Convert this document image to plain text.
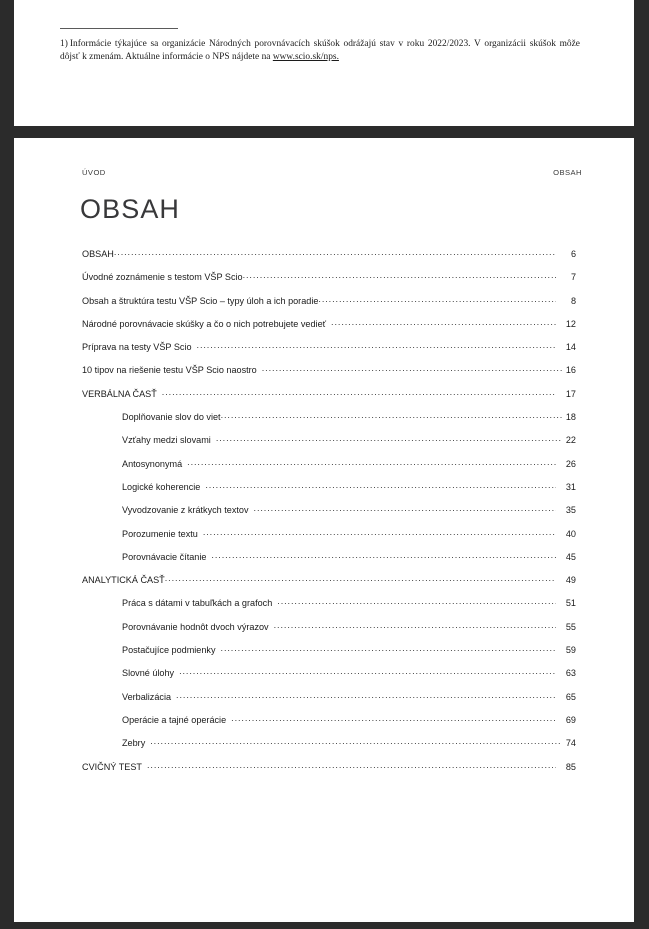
1) Informácie týkajúce sa organizácie Národných porovnávacích skúšok odrážajú stav v roku 2022/2023. V organizácii skúšok môže dôjsť k zmenám. Aktuálne informácie o NPS nájdete na www.scio.sk/nps.
ÚVOD	OBSAH
OBSAH
OBSAH .....	6
Úvodné zoznámenie s testom VŠP Scio .....	7
Obsah a štruktúra testu VŠP Scio – typy úloh a ich poradie .....	8
Národné porovnávacie skúšky a čo o nich potrebujete vedieť .....	12
Príprava na testy VŠP Scio .....	14
10 tipov na riešenie testu VŠP Scio naostro .....	16
VERBÁLNA ČASŤ .....	17
Doplňovanie slov do viet .....	18
Vzťahy medzi slovami .....	22
Antosynonymá .....	26
Logické koherencie .....	31
Vyvodzovanie z krátkych textov .....	35
Porozumenie textu .....	40
Porovnávacie čítanie .....	45
ANALYTICKÁ ČASŤ .....	49
Práca s dátami v tabuľkách a grafoch .....	51
Porovnávanie hodnôt dvoch výrazov .....	55
Postačujíce podmienky .....	59
Slovné úlohy .....	63
Verbalizácia .....	65
Operácie a tajné operácie .....	69
Zebry .....	74
CVIČNÝ TEST .....	85
